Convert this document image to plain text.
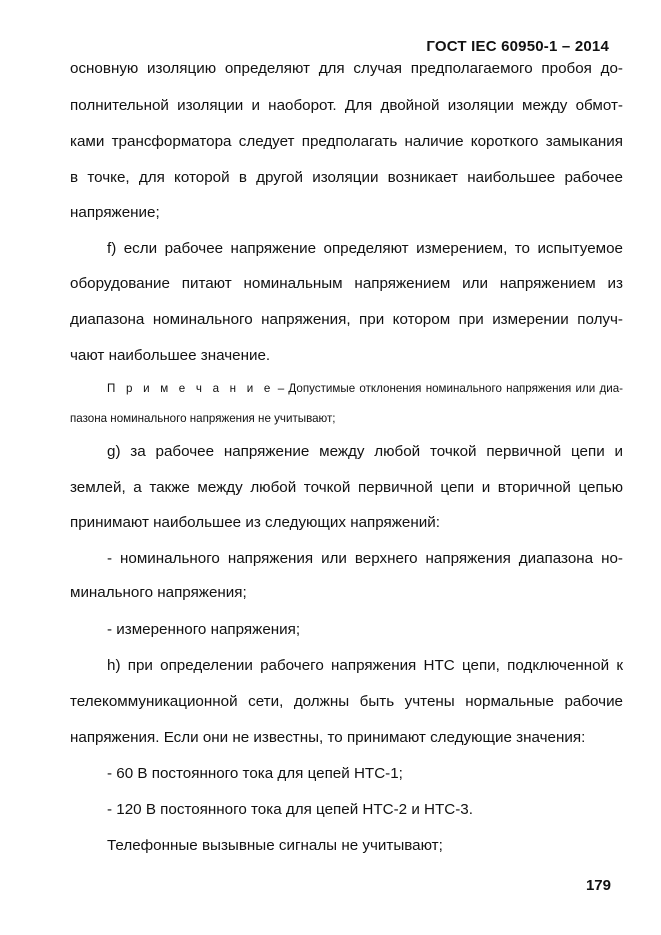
ГОСТ IEC 60950-1 – 2014
основную изоляцию определяют для случая предполагаемого пробоя до-
полнительной изоляции и наоборот. Для двойной изоляции между обмот-
ками трансформатора следует предполагать наличие короткого замыкания
в точке, для которой в другой изоляции возникает наибольшее рабочее
напряжение;
f) если рабочее напряжение определяют измерением, то испытуемое
оборудование питают номинальным напряжением или напряжением из
диапазона номинального напряжения, при котором при измерении получ-
чают наибольшее значение.
П р и м е ч а н и е – Допустимые отклонения номинального напряжения или диа-
пазона номинального напряжения не учитывают;
g) за рабочее напряжение между любой точкой первичной цепи и
землей, а также между любой точкой первичной цепи и вторичной цепью
принимают наибольшее из следующих напряжений:
- номинального напряжения или верхнего напряжения диапазона но-
минального напряжения;
- измеренного напряжения;
h) при определении рабочего напряжения НТС цепи, подключенной к
телекоммуникационной сети, должны быть учтены нормальные рабочие
напряжения. Если они не известны, то принимают следующие значения:
- 60 В постоянного тока для цепей НТС-1;
- 120 В постоянного тока для цепей НТС-2 и НТС-3.
Телефонные вызывные сигналы не учитывают;
179
